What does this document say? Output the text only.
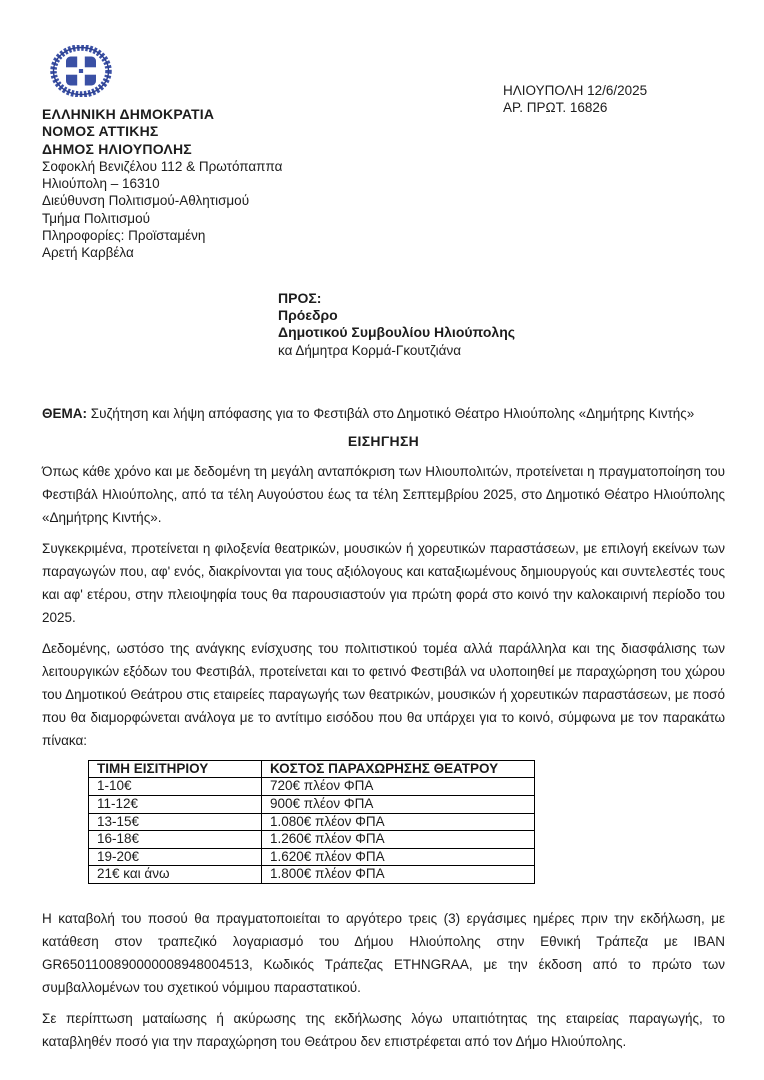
ΕΛΛΗΝΙΚΗ ΔΗΜΟΚΡΑΤΙΑ
ΝΟΜΟΣ ΑΤΤΙΚΗΣ
ΔΗΜΟΣ ΗΛΙΟΥΠΟΛΗΣ
Σοφοκλή Βενιζέλου 112 & Πρωτόπαππα
Ηλιούπολη – 16310
Διεύθυνση Πολιτισμού-Αθλητισμού
Τμήμα Πολιτισμού
Πληροφορίες: Προϊσταμένη
Αρετή Καρβέλα
ΗΛΙΟΥΠΟΛΗ 12/6/2025
ΑΡ. ΠΡΩΤ. 16826
ΠΡΟΣ:
Πρόεδρο
Δημοτικού Συμβουλίου Ηλιούπολης
κα Δήμητρα Κορμά-Γκουτζιάνα
ΘΕΜΑ: Συζήτηση και λήψη απόφασης για το Φεστιβάλ στο Δημοτικό Θέατρο Ηλιούπολης «Δημήτρης Κιντής»
ΕΙΣΗΓΗΣΗ

Όπως κάθε χρόνο και με δεδομένη τη μεγάλη ανταπόκριση των Ηλιουπολιτών, προτείνεται η πραγματοποίηση του Φεστιβάλ Ηλιούπολης, από τα τέλη Αυγούστου έως τα τέλη Σεπτεμβρίου 2025, στο Δημοτικό Θέατρο Ηλιούπολης «Δημήτρης Κιντής».

Συγκεκριμένα, προτείνεται η φιλοξενία θεατρικών, μουσικών ή χορευτικών παραστάσεων, με επιλογή εκείνων των παραγωγών που, αφ' ενός, διακρίνονται για τους αξιόλογους και καταξιωμένους δημιουργούς και συντελεστές τους και αφ' ετέρου, στην πλειοψηφία τους θα παρουσιαστούν για πρώτη φορά στο κοινό την καλοκαιρινή περίοδο του 2025.

Δεδομένης, ωστόσο της ανάγκης ενίσχυσης του πολιτιστικού τομέα αλλά παράλληλα και της διασφάλισης των λειτουργικών εξόδων του Φεστιβάλ, προτείνεται και το φετινό Φεστιβάλ να υλοποιηθεί με παραχώρηση του χώρου του Δημοτικού Θεάτρου στις εταιρείες παραγωγής των θεατρικών, μουσικών ή χορευτικών παραστάσεων, με ποσό που θα διαμορφώνεται ανάλογα με το αντίτιμο εισόδου που θα υπάρχει για το κοινό, σύμφωνα με τον παρακάτω πίνακα:

ΤΙΜΗ ΕΙΣΙΤΗΡΙΟΥ	ΚΟΣΤΟΣ ΠΑΡΑΧΩΡΗΣΗΣ ΘΕΑΤΡΟΥ
1-10€	720€ πλέον ΦΠΑ
11-12€	900€ πλέον ΦΠΑ
13-15€	1.080€ πλέον ΦΠΑ
16-18€	1.260€ πλέον ΦΠΑ
19-20€	1.620€ πλέον ΦΠΑ
21€ και άνω	1.800€ πλέον ΦΠΑ

Η καταβολή του ποσού θα πραγματοποιείται το αργότερο τρεις (3) εργάσιμες ημέρες πριν την εκδήλωση, με κατάθεση στον τραπεζικό λογαριασμό του Δήμου Ηλιούπολης στην Εθνική Τράπεζα με IBAN GR6501100890000008948004513, Κωδικός Τράπεζας ETHNGRAA, με την έκδοση από το πρώτο των συμβαλλομένων του σχετικού νόμιμου παραστατικού.

Σε περίπτωση ματαίωσης ή ακύρωσης της εκδήλωσης λόγω υπαιτιότητας της εταιρείας παραγωγής, το καταβληθέν ποσό για την παραχώρηση του Θεάτρου δεν επιστρέφεται από τον Δήμο Ηλιούπολης.
